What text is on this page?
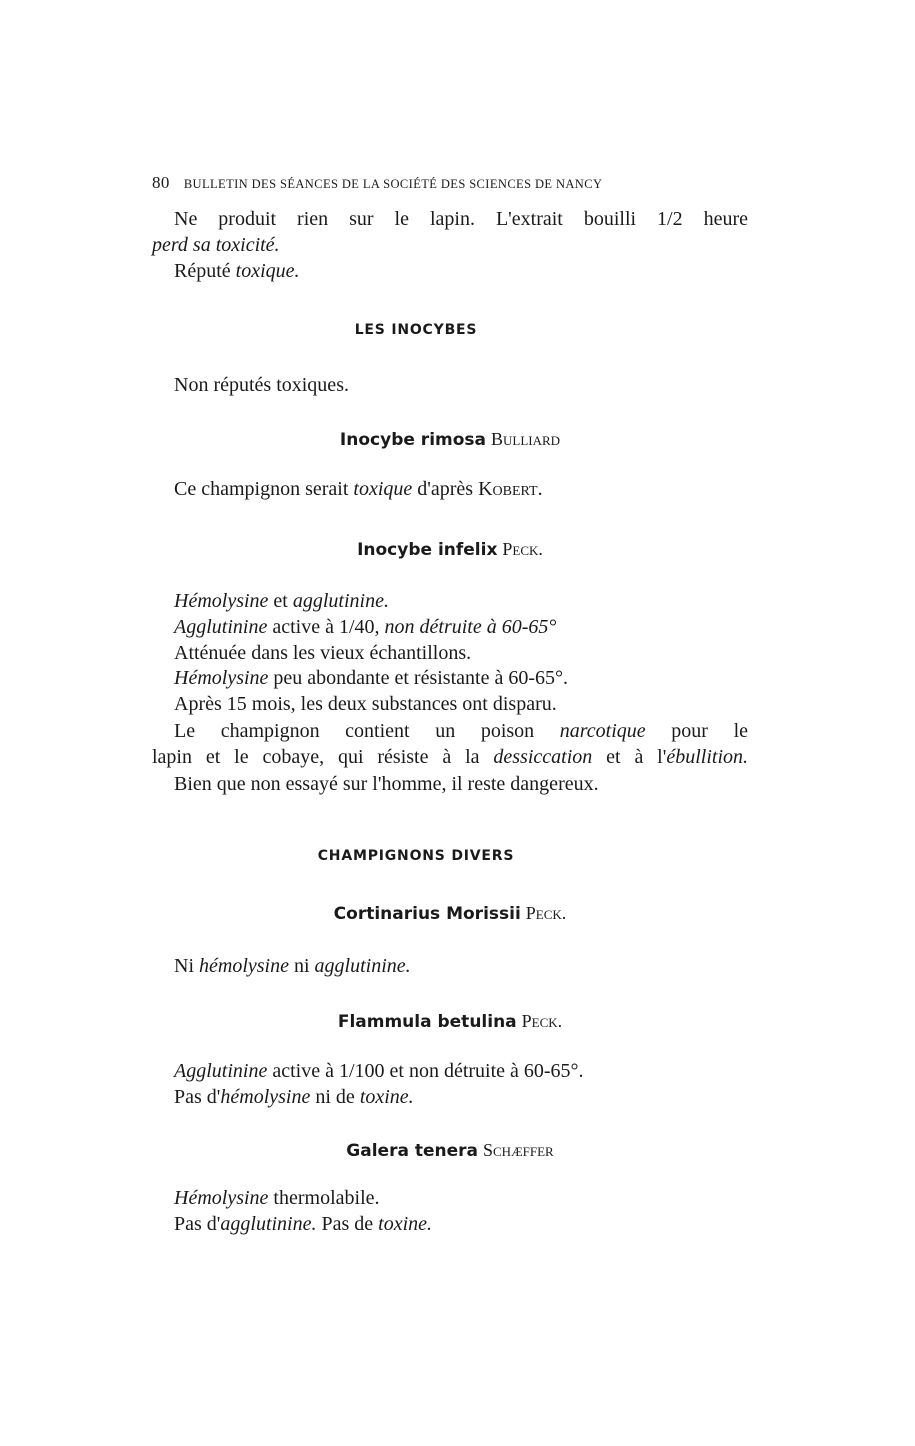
80 BULLETIN DES SÉANCES DE LA SOCIÉTÉ DES SCIENCES DE NANCY
Ne produit rien sur le lapin. L'extrait bouilli 1/2 heure
perd sa toxicité.
Réputé toxique.
LES INOCYBES
Non réputés toxiques.
Inocybe rimosa Bulliard
Ce champignon serait toxique d'après Kobert.
Inocybe infelix Peck.
Hémolysine et agglutinine.
Agglutinine active à 1/40, non détruite à 60-65°
Atténuée dans les vieux échantillons.
Hémolysine peu abondante et résistante à 60-65°.
Après 15 mois, les deux substances ont disparu.
Le champignon contient un poison narcotique pour le
lapin et le cobaye, qui résiste à la dessiccation et à l'ébullition.
Bien que non essayé sur l'homme, il reste dangereux.
CHAMPIGNONS DIVERS
Cortinarius Morissii Peck.
Ni hémolysine ni agglutinine.
Flammula betulina Peck.
Agglutinine active à 1/100 et non détruite à 60-65°.
Pas d'hémolysine ni de toxine.
Galera tenera Schæffer
Hémolysine thermolabile.
Pas d'agglutinine. Pas de toxine.
